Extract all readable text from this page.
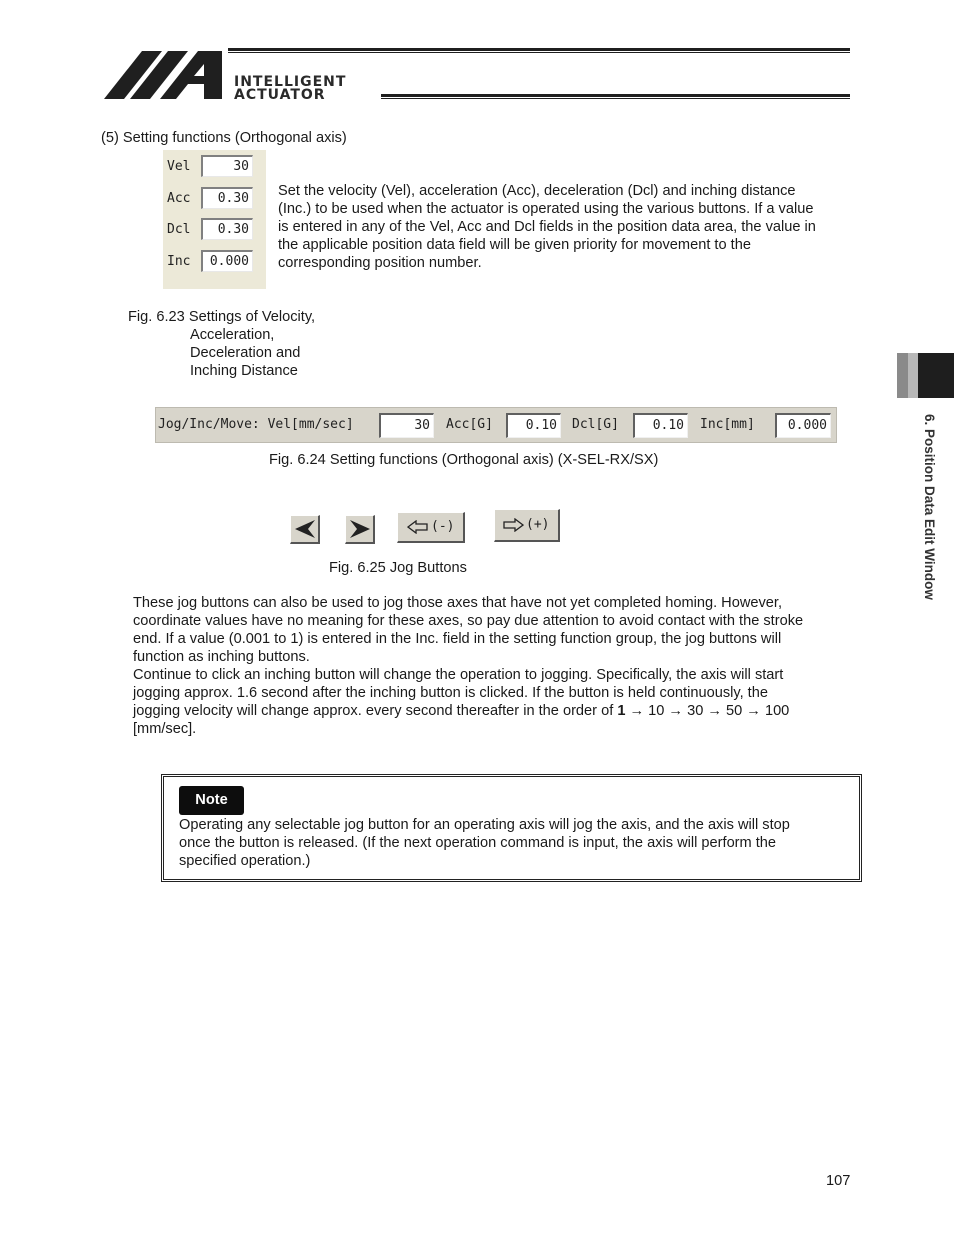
INTELLIGENT
ACTUATOR
6. Position Data Edit Window
(5) Setting functions (Orthogonal axis)
Vel	30
Acc	0.30
Dcl	0.30
Inc	0.000
Set the velocity (Vel), acceleration (Acc), deceleration (Dcl) and inching distance
(Inc.) to be used when the actuator is operated using the various buttons. If a value
is entered in any of the Vel, Acc and Dcl fields in the position data area, the value in
the applicable position data field will be given priority for movement to the
corresponding position number.
Fig. 6.23 Settings of Velocity,
Acceleration,
Deceleration and
Inching Distance
Jog/Inc/Move: Vel[mm/sec]	30	Acc[G]	0.10	Dcl[G]	0.10	Inc[mm]	0.000
Fig. 6.24 Setting functions (Orthogonal axis) (X-SEL-RX/SX)
(-)	(+)
Fig. 6.25 Jog Buttons
These jog buttons can also be used to jog those axes that have not yet completed homing. However,
coordinate values have no meaning for these axes, so pay due attention to avoid contact with the stroke
end. If a value (0.001 to 1) is entered in the Inc. field in the setting function group, the jog buttons will
function as inching buttons.
Continue to click an inching button will change the operation to jogging. Specifically, the axis will start
jogging approx. 1.6 second after the inching button is clicked. If the button is held continuously, the
jogging velocity will change approx. every second thereafter in the order of 1 → 10 → 30 → 50 → 100
[mm/sec].
Note
Operating any selectable jog button for an operating axis will jog the axis, and the axis will stop
once the button is released. (If the next operation command is input, the axis will perform the
specified operation.)
107
